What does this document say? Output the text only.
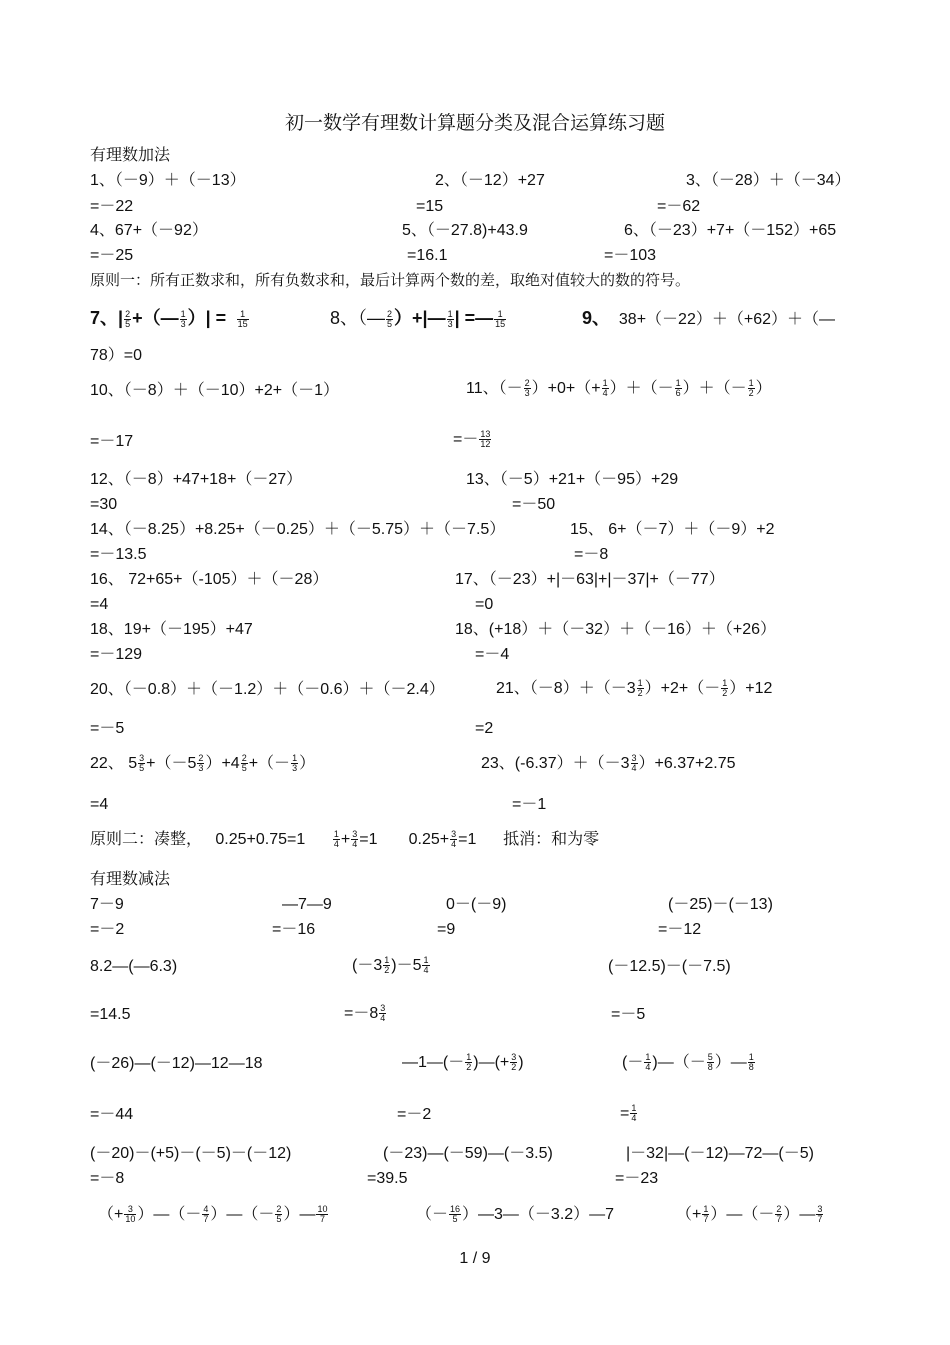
初一数学有理数计算题分类及混合运算练习题
有理数加法
1、（－9）＋（－13）	2、（－12）+27	3、（－28）＋（－34）
=－22	=15	=－62
4、67+（－92）	5、（－27.8)+43.9	6、（－23）+7+（－152）+65
=－25	=16.1	=－103
原则一：所有正数求和，所有负数求和，最后计算两个数的差，取绝对值较大的数的符号。
7、| $\frac{2}{5}$ +（— $\frac{1}{3}$ ）| = $\frac{1}{15}$	8、（— $\frac{2}{5}$ ）+|— $\frac{1}{3}$ | =— $\frac{1}{15}$	9、 38+（－22）＋（+62）＋（—
78）=0
10、（－8）＋（－10）+2+（－1）	11、（－ $\frac{2}{3} )+0+(+ \frac{1}{4}$ ）＋（－ $\frac{1}{6}$ ）＋（－ $\frac{1}{2}$ ）
=－17	=－ $\frac{13}{12}$
12、（－8）+47+18+（－27）	13、（－5）+21+（－95）+29
=30	=－50
14、（－8.25）+8.25+（－0.25）＋（－5.75）＋（－7.5）	15、 6+（－7）＋（－9）+2
=－13.5	=－8
16、 72+65+（-105）＋（－28）	17、（－23）+|－63|+|－37|+（－77）
=4	=0
18、19+（－195）+47	18、(+18）＋（－32）＋（－16）＋（+26）
=－129	=－4
20、（－0.8）＋（－1.2）＋（－0.6）＋（－2.4）	21、$(-8)+(-3 \frac{1}{2} )+2+(- \frac{1}{2} )+12$
=－5	=2
22、 $5 \frac{3}{5} +(-5 \frac{2}{3} )+4 \frac{2}{5}$ +（－ $\frac{1}{3}$ ）	23、$(-6.37)+(-3 \frac{3}{4} )+6.37+2.75$
=4	=－1
原则二：凑整， 0.25+0.75=1	$\frac{1}{4} + \frac{3}{4} =1$ $0.25+ \frac{3}{4} =1$ 抵消：和为零
有理数减法
7－9	—7—9	0－(－9)	(－25)－(－13)
=－2	=－16	=9	=－12
8.2—(—6.3)	$(-3 \frac{1}{2} )-5 \frac{1}{4}$	(－12.5)－(－7.5)
=14.5	$=-8 \frac{3}{4}$	=－5
(－26)—(－12)—12—18	—1—(－ $\frac{1}{2}$ )—(+ $\frac{3}{2}$ )	(－ $\frac{1}{4}$ )—（－ $\frac{5}{8}$ ）— $\frac{1}{8}$
=－44	=－2	= $\frac{1}{4}$
(－20)－(+5)－(－5)－(－12)	(－23)—(－59)—(－3.5)	|－32|—(－12)—72—(－5)
=－8	=39.5	=－23
（+ $\frac{3}{10}$ ）—（－ $\frac{4}{7}$ ）—（－ $\frac{2}{5}$ ）— $\frac{10}{7}$	（－ $\frac{16}{5}$ ）—3—（－3.2）—7	（+ $\frac{1}{7}$ ）—（－ $\frac{2}{7}$ ）— $\frac{3}{7}$
1 / 9
